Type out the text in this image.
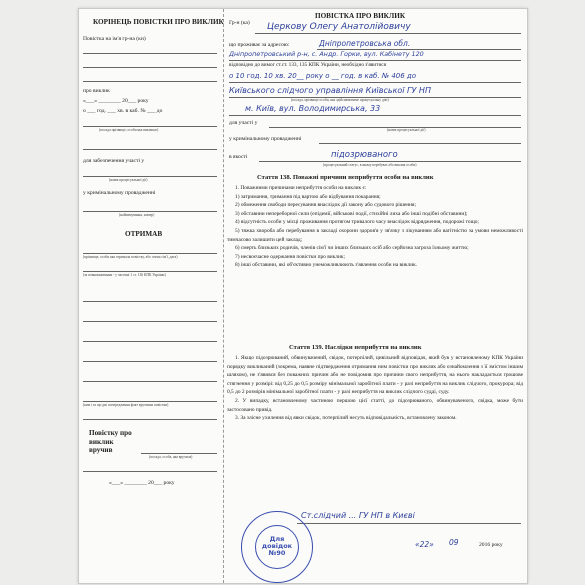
КОРІНЕЦЬ ПОВІСТКИ ПРО ВИКЛИК
Повістка на ім'я гр-на (ки)
про виклик
«___» ________ 20___ року
о ___ год. ___ хв. в каб. № ___ до
(посада прізвище, особи яка викликає)
для забезпечення участі у
(назва процесуальної дії)
у кримінальному провадженні
(найменування, номер)
ОТРИМАВ
(прізвище, особи яка отримала повістку, або члена сім'ї, дата)
(за повноваженням - у частині 1 ст. 136 КПК України)
(ким і за що дні попередження факт вручення повістки)
Повістку про виклик вручив
(посада, особа, яка вручила)
«___» ________ 20___ року
Гр-н (ка)
ПОВІСТКА ПРО ВИКЛИК
Церкову Олегу Анатолійовичу
що проживає за адресою:	Дніпропетровська обл.
Дніпропетровський р-н, с. Андр. Горки, вул. Кабінету 120
відповідно до вимог ст.ст. 133, 135 КПК України, необхідно з'явитися
о 10 год. 10 хв. 20__ року о __ год. в каб. № 406 до
Київського слідчого управління Київської ГУ НП
(посада, прізвище особи, яка здійснюватиме процесуальну дію)
м. Київ, вул. Володимирська, 33
для участі у
(назва процесуальної дії)
у кримінальному провадженні
в якості	підозрюваного
(процесуальний статус, в якому перебуває або виклик особи)
Стаття 138. Поважні причини неприбуття особи на виклик
1. Поважними причинами неприбуття особи на виклик є:
1) затримання, тримання під вартою або відбування покарання;
2) обмеження свободи пересування внаслідок дії закону або судового рішення;
3) обставини непереборної сили (епідемії, військові події, стихійні лиха або інші подібні обставини);
4) відсутність особи у місці проживання протягом тривалого часу внаслідок відрядження, подорожі тощо;
5) тяжка хвороба або перебування в закладі охорони здоров'я у зв'язку з лікуванням або вагітністю за умови неможливості тимчасово залишити цей заклад;
6) смерть близьких родичів, членів сім'ї чи інших близьких осіб або серйозна загроза їхньому життю;
7) несвоєчасне одержання повістки про виклик;
8) інші обставини, які об'єктивно унеможливлюють з'явлення особи на виклик.
Стаття 139. Наслідки неприбуття на виклик
1. Якщо підозрюваний, обвинувачений, свідок, потерпілий, цивільний відповідач, який був у встановленому КПК України порядку викликаний (зокрема, наявне підтвердження отримання ним повістки про виклик або ознайомлення з її змістом іншим шляхом), не з'явився без поважних причин або не повідомив про причини свого неприбуття, на нього накладається грошове стягнення у розмірі: від 0,25 до 0,5 розміру мінімальної заробітної плати - у разі неприбуття на виклик слідчого, прокурора; від 0,5 до 2 розмірів мінімальної заробітної плати - у разі неприбуття на виклик слідчого судді, суду.
2. У випадку, встановленому частиною першою цієї статті, до підозрюваного, обвинуваченого, свідка, може бути застосовано привід.
3. За злісне ухилення від явки свідок, потерпілий несуть відповідальність, встановлену законом.
Ст.слідчий ... ГУ НП в Києві
«22» 09	2016 року
Для довідок №90
